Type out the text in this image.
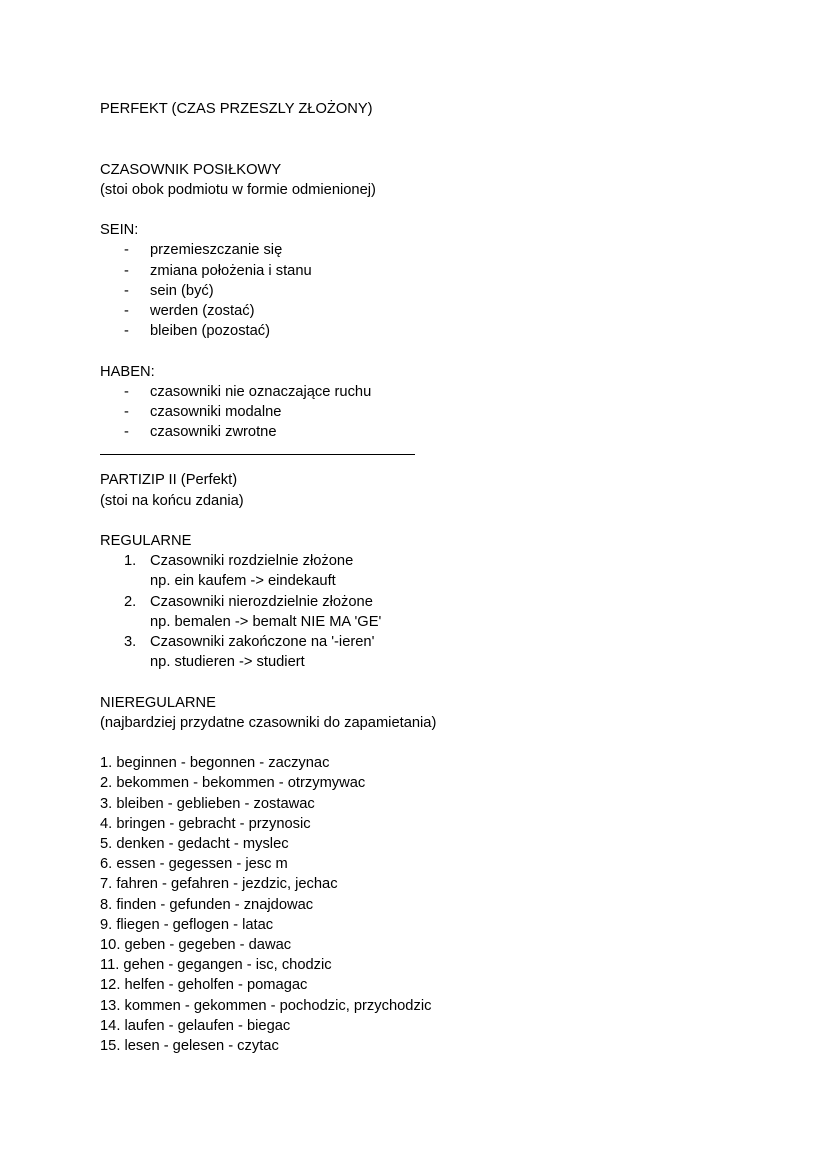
PERFEKT (CZAS PRZESZLY ZŁOŻONY)
CZASOWNIK POSIŁKOWY
(stoi obok podmiotu w formie odmienionej)
SEIN:
- przemieszczanie się
- zmiana położenia i stanu
- sein (być)
- werden (zostać)
- bleiben (pozostać)
HABEN:
- czasowniki nie oznaczające ruchu
- czasowniki modalne
- czasowniki zwrotne
PARTIZIP II (Perfekt)
(stoi na końcu zdania)
REGULARNE
1. Czasowniki rozdzielnie złożone
np. ein kaufem -> eindekauft
2. Czasowniki nierozdzielnie złożone
np. bemalen -> bemalt NIE MA 'GE'
3. Czasowniki zakończone na '-ieren'
np. studieren -> studiert
NIEREGULARNE
(najbardziej przydatne czasowniki do zapamietania)
1. beginnen - begonnen - zaczynac
2. bekommen - bekommen - otrzymywac
3. bleiben - geblieben - zostawac
4. bringen - gebracht - przynosic
5. denken - gedacht - myslec
6. essen - gegessen - jesc m
7. fahren - gefahren - jezdzic, jechac
8. finden - gefunden - znajdowac
9. fliegen - geflogen - latac
10. geben - gegeben - dawac
11. gehen - gegangen - isc, chodzic
12. helfen - geholfen - pomagac
13. kommen - gekommen - pochodzic, przychodzic
14. laufen - gelaufen - biegac
15. lesen - gelesen - czytac
